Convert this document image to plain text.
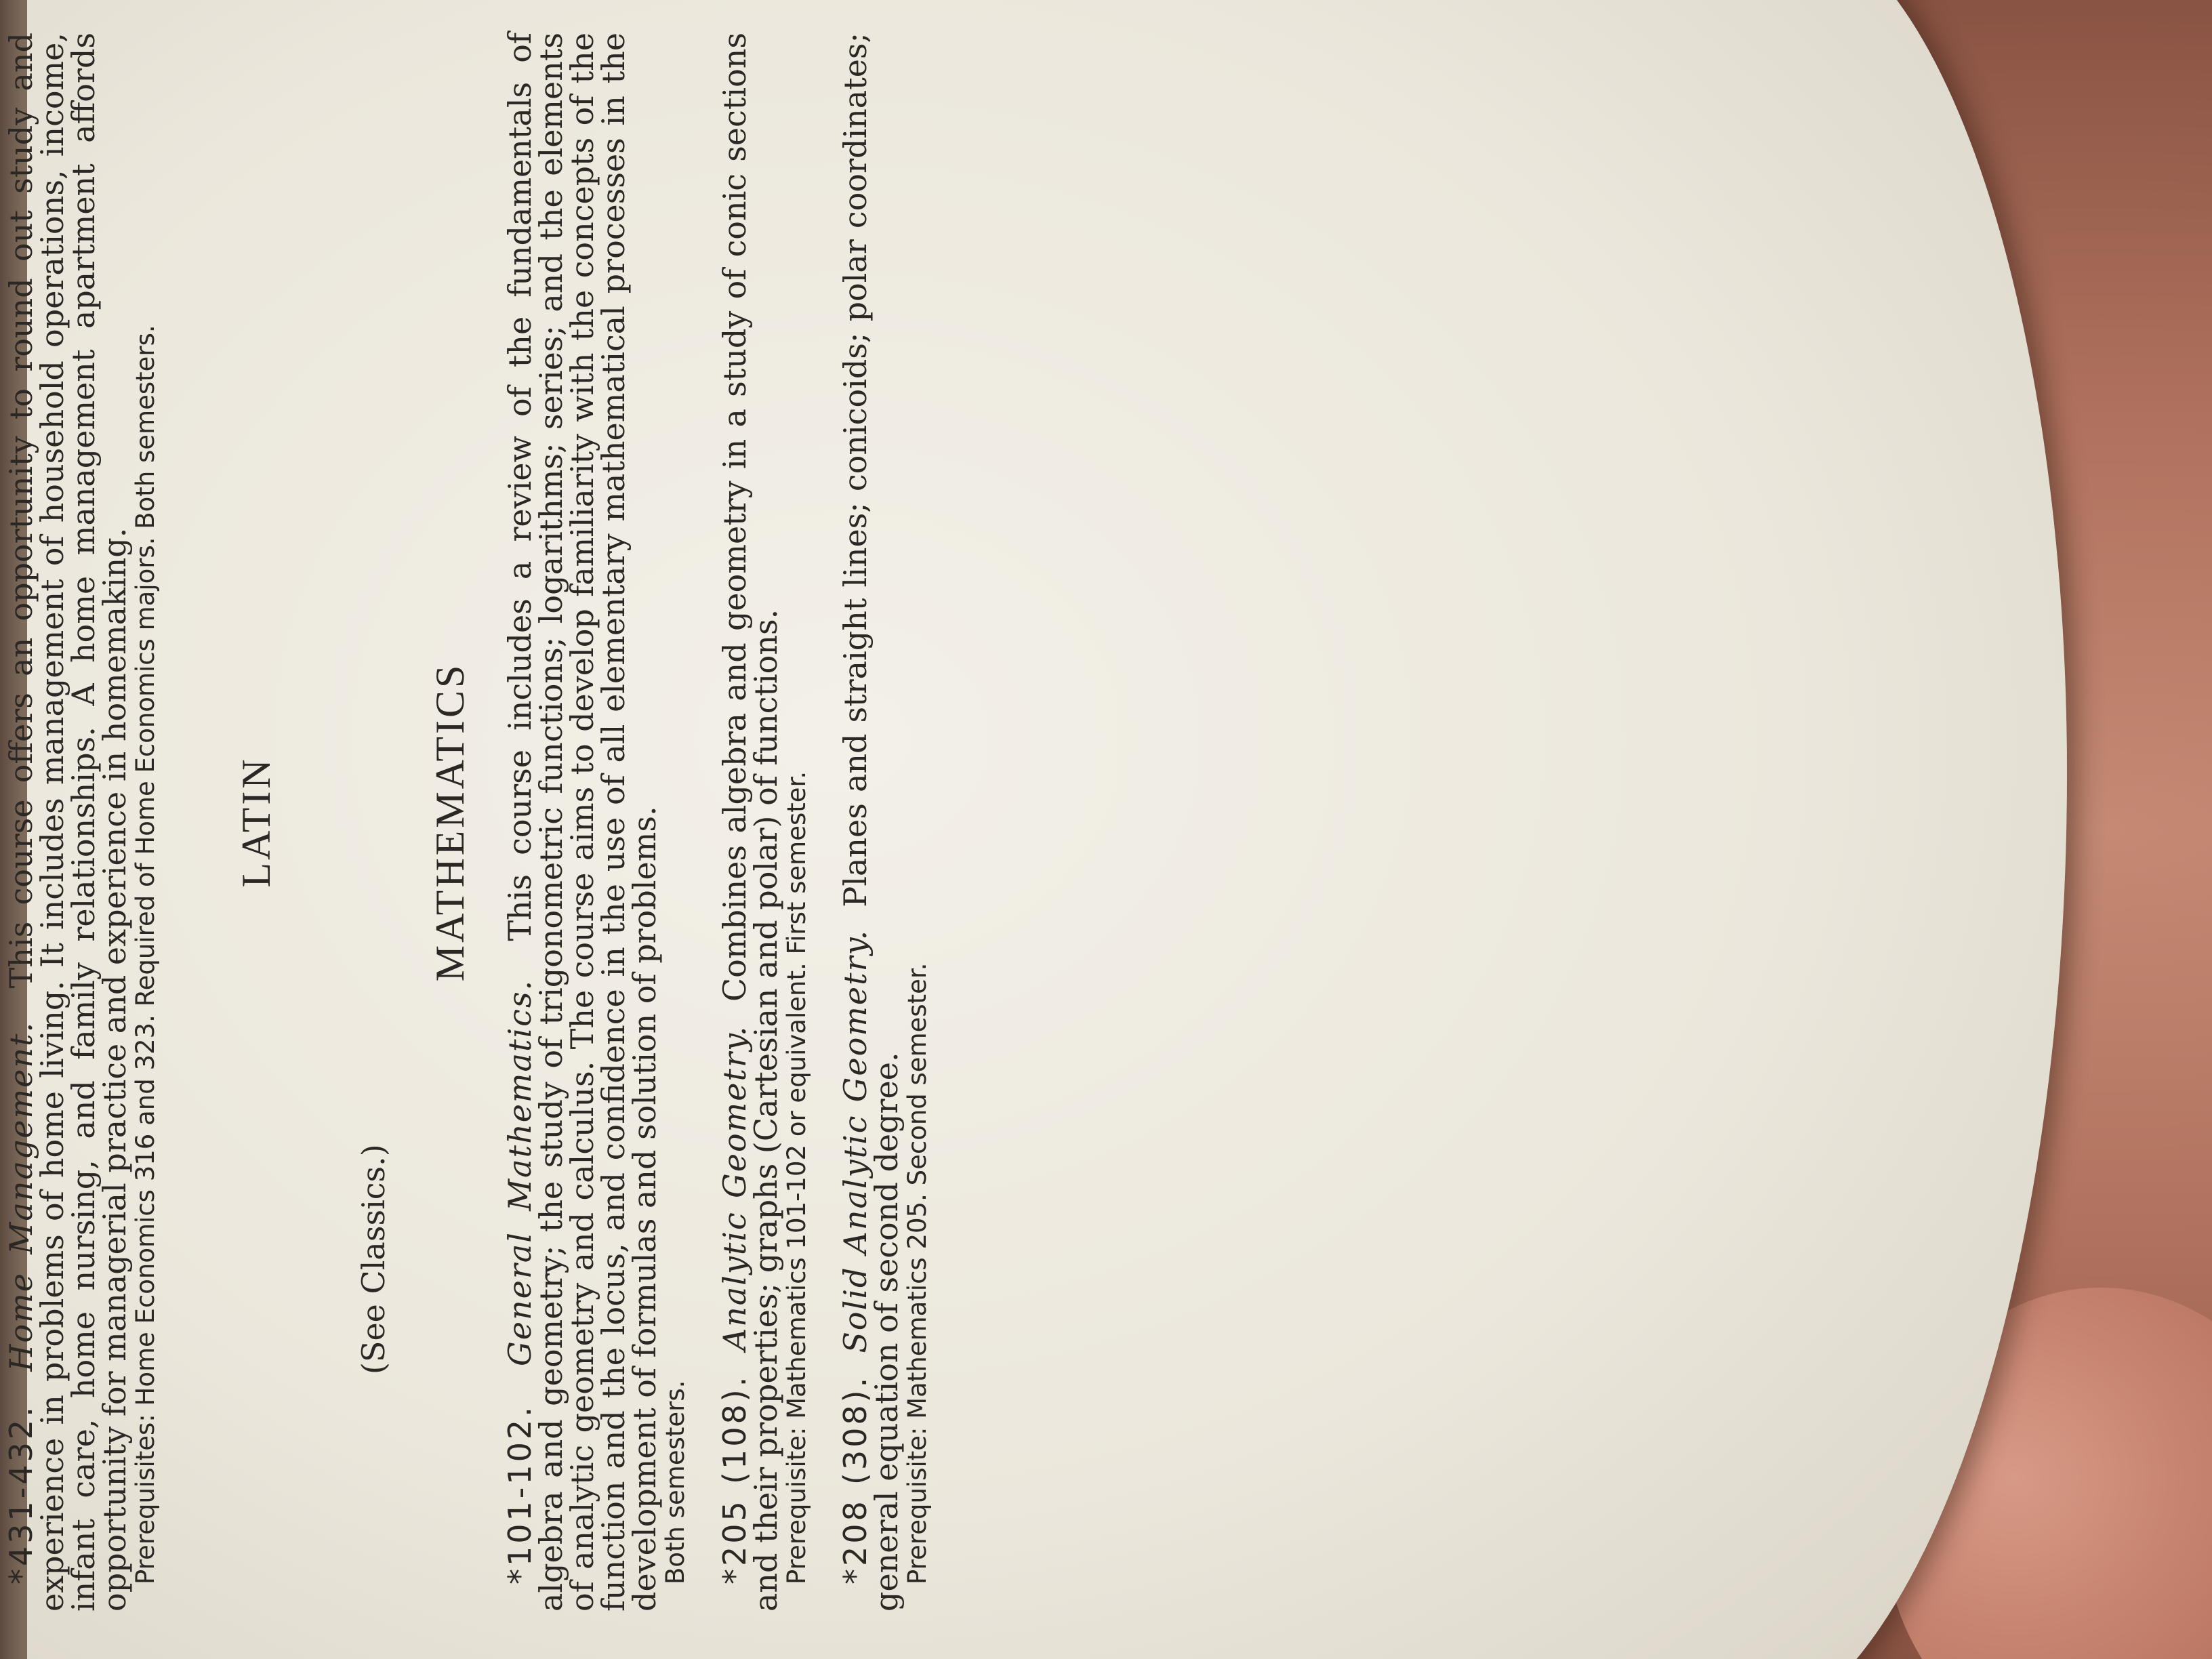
*431-432.  Home Management.  This course offers an opportunity to round out study and experience in problems of home living. It includes management of household operations, income, infant care, home nursing, and family relationships. A home management apartment affords opportunity for managerial practice and experience in homemaking.

Prerequisites: Home Economics 316 and 323. Required of Home Economics majors. Both semesters. LATIN

(See Classics.)

MATHEMATICS

*101-102.  General Mathematics.  This course includes a review of the fundamentals of algebra and geometry; the study of trigonometric functions; logarithms; series; and the elements of analytic geometry and calculus. The course aims to develop familiarity with the concepts of the function and the locus, and confidence in the use of all elementary mathematical processes in the development of formulas and solution of problems.

Both semesters. *205 (108).  Analytic Geometry.  Combines algebra and geometry in a study of conic sections and their properties; graphs (Cartesian and polar) of functions.

Prerequisite: Mathematics 101-102 or equivalent. First semester. *208 (308).  Solid Analytic Geometry.  Planes and straight lines; conicoids; polar coordinates; general equation of second degree.

Prerequisite: Mathematics 205. Second semester.
